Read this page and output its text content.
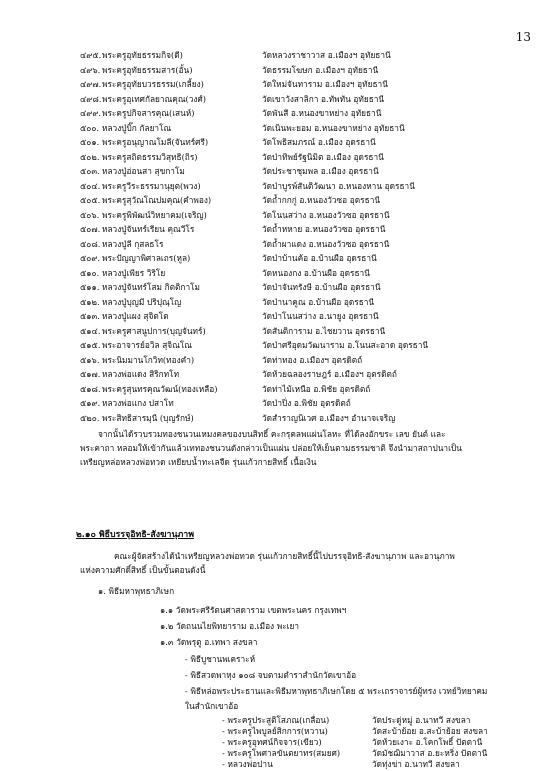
13
๔๙๕. พระครูอุทัยธรรมกิจ(ดี)	วัดหลวงราชาวาส อ.เมืองฯ อุทัยธานี
๔๙๖. พระครูอุทัยธรรมสาร(อั้น)	วัดธรรมโฆษก อ.เมืองฯ อุทัยธานี
๔๙๗. พระครูอุทัยบวรธรรม(เกลี้ยง)	วัดใหม่จันทาราม อ.เมืองฯ อุทัยธานี
๔๙๘. พระครูอุเทศกัลยาณคุณ(วงศ์)	วัดเขาวังสาลิกา อ.ทัพทัน อุทัยธานี
๔๙๙. พระครูปกิจสารคุณ(เสนห์)	วัดพันสี อ.หนองขาหย่าง อุทัยธานี
๕๐๐. หลวงปู่บิ๊ก กัลยาโณ	วัดเนินพะยอม อ.หนองขาหย่าง อุทัยธานี
๕๐๑. พระครูอนุญาณโมลี(จันทร์ศรี)	วัดโพธิสมภรณ์ อ.เมือง อุดรธานี
๕๐๒. พระครูสถิตธรรมวิสุทธิ(ถิร)	วัดป่าทิพย์รัฐนิมิต อ.เมือง อุดรธานี
๕๐๓. หลวงปู่อ่อนสา สุขกาโม	วัดประชาชุมพล อ.เมือง อุดรธานี
๕๐๔. พระครูวีระธรรมานุยุต(พวง)	วัดป่าบูรพ์สันติวัฒนา อ.หนองหาน อุดรธานี
๕๐๕. พระครูสุวัณโณปมคุณ(คำพอง)	วัดถ้ำกกกู่ อ.หนองวัวซอ อุดรธานี
๕๐๖. พระครูพิพัฒน์วิหยาคม(เจริญ)	วัดโนนสว่าง อ.หนองวัวซอ อุดรธานี
๕๐๗. หลวงปู่จันทร์เรียน คุณวีโร	วัดถ้ำหหาย อ.หนองวัวซอ อุดรธานี
๕๐๘. หลวงปู่ลี กุสลธโร	วัดถ้ำผาแดง อ.หนองวัวซอ อุดรธานี
๕๐๙. พระปัญญาพิศาลเถร(หูล)	วัดป่าบ้านค้อ อ.บ้านผือ อุดรธานี
๕๑๐. หลวงปู่เพียร วิริโย	วัดหนองกง อ.บ้านผือ อุดรธานี
๕๑๑. หลวงปู่จันทร์โสม กิตติกาโม	วัดป่าจันทรังษี อ.บ้านผือ อุดรธานี
๕๑๒. หลวงปู่บุญมี ปริปุณฺโญ	วัดป่านาคูณ อ.บ้านผือ อุดรธานี
๕๑๓. หลวงปู่แผง สุจิตโต	วัดป่าโนนสว่าง อ.นายูง อุดรธานี
๕๑๔. พระครูศาสนูปการ(บุญจันทร์)	วัดสันติการาม อ.ไชยวาน อุดรธานี
๕๑๕. พระอาจารย์อวิล สุจิณโณ	วัดป่าศรีอุดมวัฒนาราม อ.โนนสะอาด อุดรธานี
๕๑๖. พระนิมมานโกวิท(ทองคำ)	วัดท่าทอง อ.เมืองฯ อุตรดิตถ์
๕๑๗. หลวงพ่อแดง สิริกทโท	วัดห้วยฉลองราษฎร์ อ.เมืองฯ อุตรดิตถ์
๕๑๘. พระครูสุนทรคุณวัฒน์(ทองเหลือ)	วัดท่าไม้เหนือ อ.พิชัย อุตรดิตถ์
๕๑๙. หลวงพ่อแกง ปสาโท	วัดป่าปิ่ง อ.พิชัย อุตรดิตถ์
๕๒๐. พระสิทธิสารมุนี (บุญรักษ์)	วัดสำราญนิเวศ อ.เมืองฯ อำนาจเจริญ
จากนั้นได้รวบรวมทองชนวนเหมงคลของบนสิทธิ์ คะกรุคลพแผ่นโลหะ ที่ได้ลงอักขระ เลข ยันต์ และ
พระคาถา หลอมให้เข้ากันแล้วเททองชนวนดังกล่าวเป็นแผ่น ปล่อยให้เย็นตามธรรมชาติ จึงนำมาสถาปนาเป็น
เหรียญหล่อหลวงพ่อทวด เหยียบน้ำทะเลจืด รุ่นแก้วกายสิทธิ์ เนื้อเงิน
๒.๑๐ พิธีบรรจุอิทธิ-สังฆานุภาพ
คณะผู้จัดสร้างได้นำเหรียญหลวงพ่อทวด รุ่นแก้วกายสิทธิ์นี้ไปบรรจุอิทธิ-สังฆานุภาพ และอานุภาพ
แห่งความศักดิ์สิทธิ์ เป็นขั้นตอนดังนี้
๑. พิธีมหาพุทธาภิเษก
๑.๑ วัดพระศรีรัตนศาสดาราม เขตพระนคร กรุงเทพฯ
๑.๒ วัดถนนไยพิทยาราม อ.เมือง พะเยา
๑.๓ วัดพรุตู อ.เทพา สงขลา
- พิธีบูชานพเคราะห์
- พิธีสวดพาหุง ๑๐๘ จบตามตำราสำนักวัดเขาอ้อ
- พิธีหล่อพระประธานและพิธีมหาพุทธาภิเษกโดย ๕ พระเถราจารย์ผู้ทรง เวทย์วิทยาคม
ในสำนักเขาอ้อ
- พระครูประสูติโสภณ(เกลื่อน)	วัดประดู่หมู่ อ.นาทวี สงขลา
- พระครูไพบูลย์สิกการ(หวาน)	วัดสะบ้าย้อย อ.สะบ้าย้อย สงขลา
- พระครูอุทศน์กิจจาร(เขียว)	วัดห้วยเงาะ อ.โคกโพธิ์ ปัตตานี
- พระครูโพศาลขันตยาทร(สมยศ)	วัดมัชฌิมาวาส อ.ยะหริ่ง ปัตตานี
- หลวงพ่อปาน	วัดทุ่งข่า อ.นาทวี สงขลา
